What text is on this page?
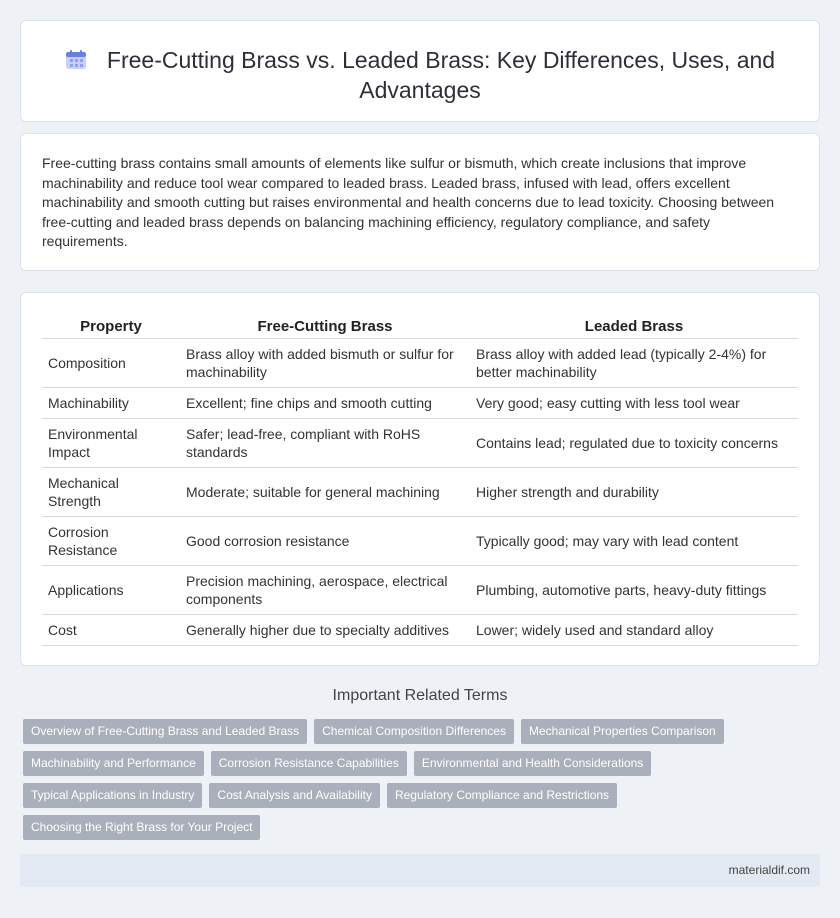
Free-Cutting Brass vs. Leaded Brass: Key Differences, Uses, and Advantages

Free-cutting brass contains small amounts of elements like sulfur or bismuth, which create inclusions that improve machinability and reduce tool wear compared to leaded brass. Leaded brass, infused with lead, offers excellent machinability and smooth cutting but raises environmental and health concerns due to lead toxicity. Choosing between free-cutting and leaded brass depends on balancing machining efficiency, regulatory compliance, and safety requirements.

Property	Free-Cutting Brass	Leaded Brass
Composition	Brass alloy with added bismuth or sulfur for machinability	Brass alloy with added lead (typically 2-4%) for better machinability
Machinability	Excellent; fine chips and smooth cutting	Very good; easy cutting with less tool wear
Environmental Impact	Safer; lead-free, compliant with RoHS standards	Contains lead; regulated due to toxicity concerns
Mechanical Strength	Moderate; suitable for general machining	Higher strength and durability
Corrosion Resistance	Good corrosion resistance	Typically good; may vary with lead content
Applications	Precision machining, aerospace, electrical components	Plumbing, automotive parts, heavy-duty fittings
Cost	Generally higher due to specialty additives	Lower; widely used and standard alloy
Important Related Terms
Overview of Free-Cutting Brass and Leaded Brass	Chemical Composition Differences	Mechanical Properties Comparison
Machinability and Performance	Corrosion Resistance Capabilities	Environmental and Health Considerations
Typical Applications in Industry	Cost Analysis and Availability	Regulatory Compliance and Restrictions
Choosing the Right Brass for Your Project
materialdif.com
